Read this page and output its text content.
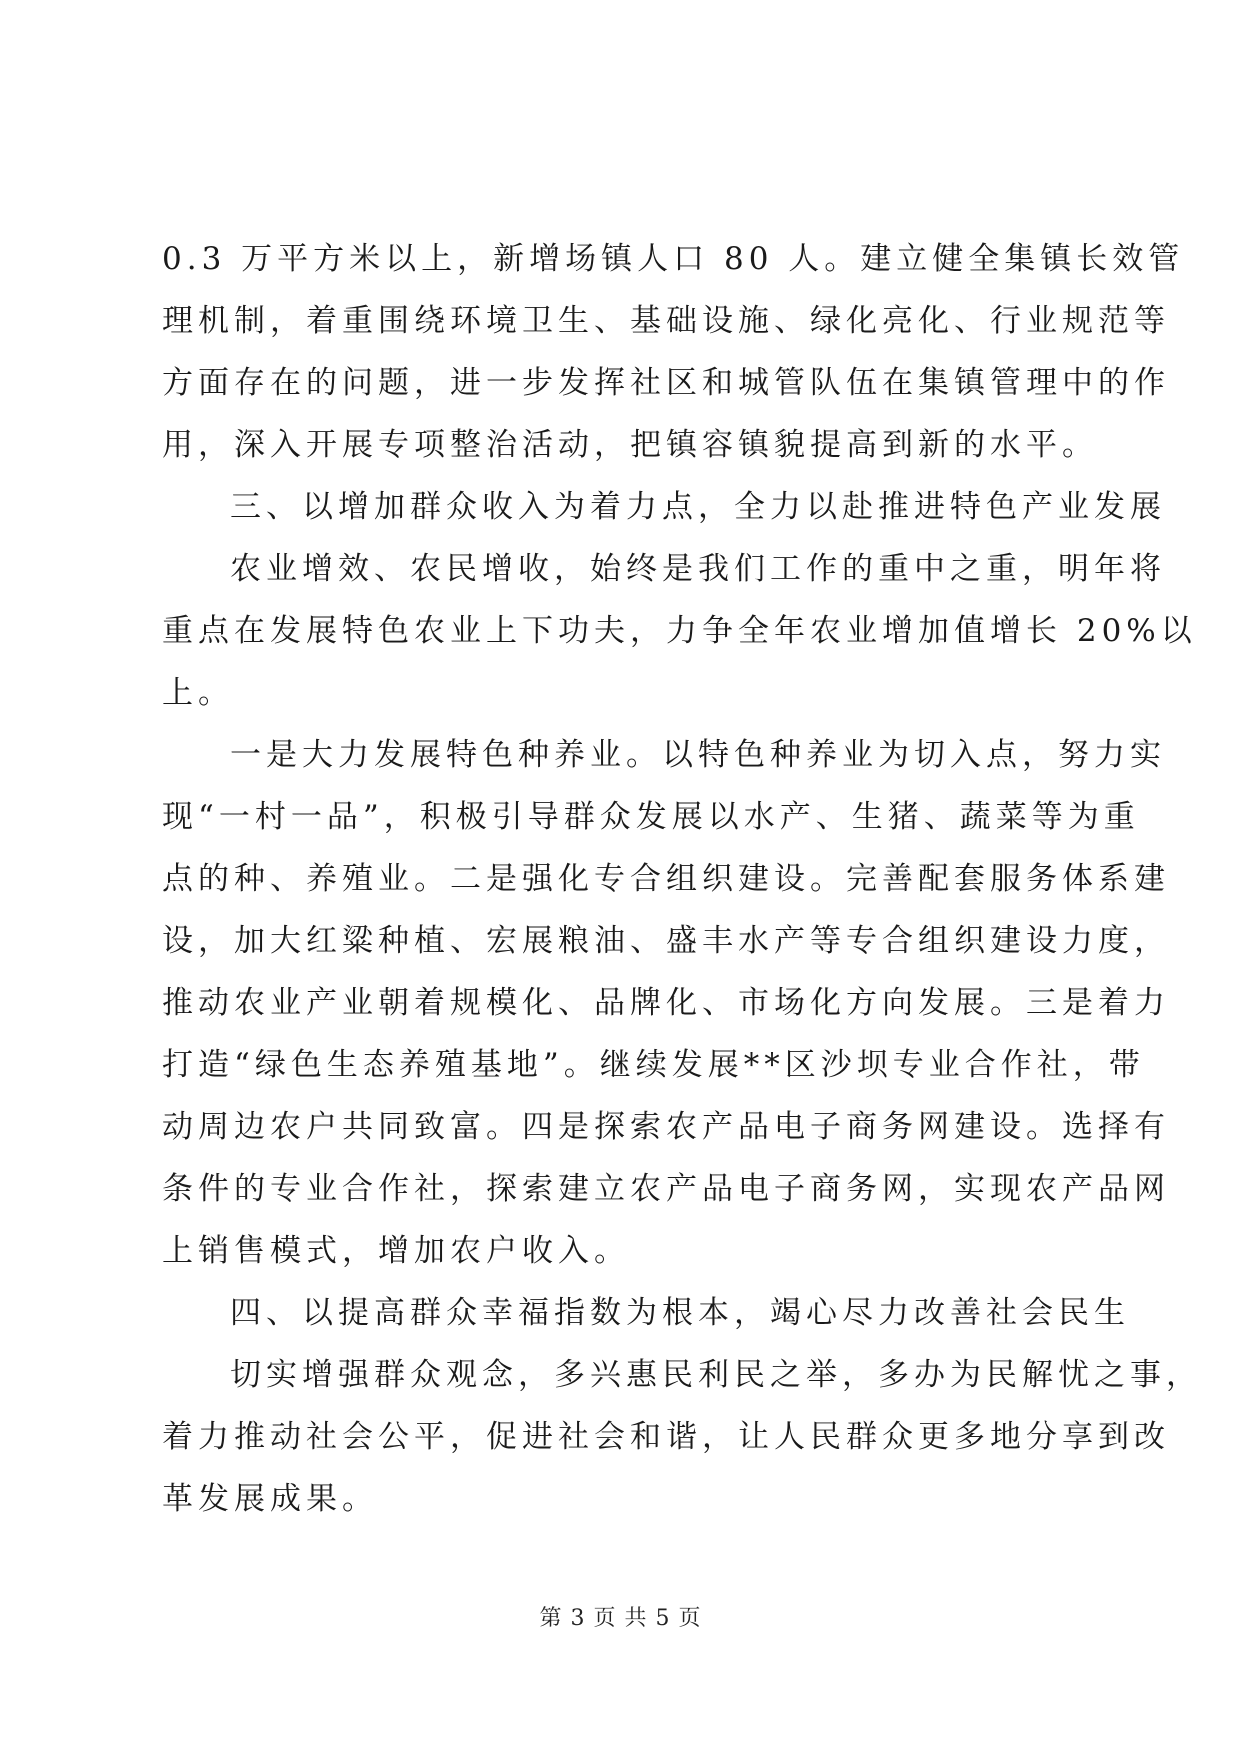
0.3 万平方米以上，新增场镇人口 80 人。建立健全集镇长效管
理机制，着重围绕环境卫生、基础设施、绿化亮化、行业规范等
方面存在的问题，进一步发挥社区和城管队伍在集镇管理中的作
用，深入开展专项整治活动，把镇容镇貌提高到新的水平。
三、以增加群众收入为着力点，全力以赴推进特色产业发展
农业增效、农民增收，始终是我们工作的重中之重，明年将
重点在发展特色农业上下功夫，力争全年农业增加值增长 20%以
上。
一是大力发展特色种养业。以特色种养业为切入点，努力实
现“一村一品”，积极引导群众发展以水产、生猪、蔬菜等为重
点的种、养殖业。二是强化专合组织建设。完善配套服务体系建
设，加大红粱种植、宏展粮油、盛丰水产等专合组织建设力度，
推动农业产业朝着规模化、品牌化、市场化方向发展。三是着力
打造“绿色生态养殖基地”。继续发展**区沙坝专业合作社，带
动周边农户共同致富。四是探索农产品电子商务网建设。选择有
条件的专业合作社，探索建立农产品电子商务网，实现农产品网
上销售模式，增加农户收入。
四、以提高群众幸福指数为根本，竭心尽力改善社会民生
切实增强群众观念，多兴惠民利民之举，多办为民解忧之事，
着力推动社会公平，促进社会和谐，让人民群众更多地分享到改
革发展成果。
第 3 页 共 5 页
